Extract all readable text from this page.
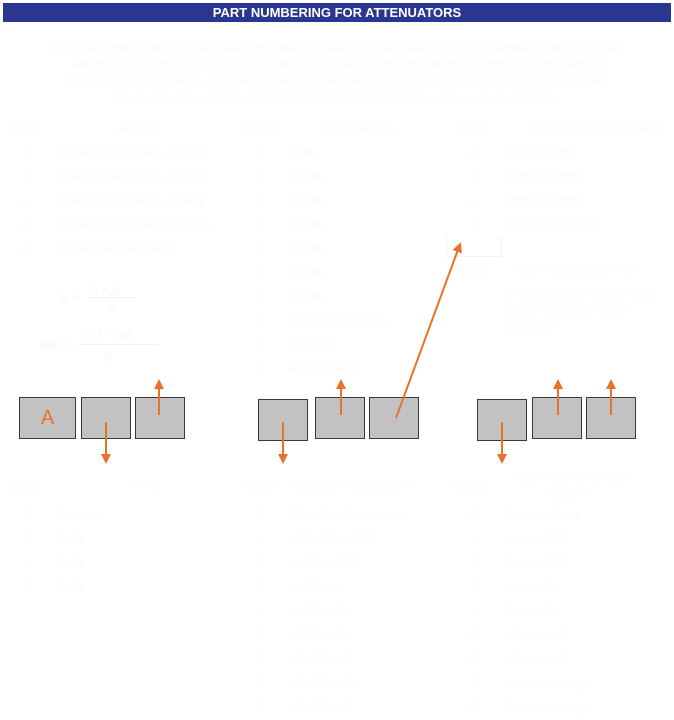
PART NUMBERING FOR ATTENUATORS
Q.E.I. Microwave part numbers are composed by selecting the codes for TYPE followed by MODEL, then
selecting BANDWIDTH, FREQUENCY and RANGE within the desired range, selecting the code for
TEMPERATURE RANGE, and finally selecting the code for SWITCHING SPEED ON/OFF. If required,
the factory may assign a SUFFIX DESIGNATOR to identify unique characteristics.
CODE	MODEL
C Current Controlled - Analog
V Voltage Controlled - Analog
L Linearized Voltage - Analog
D Digitally Controlled - Analog
D Digital Switched Pad
f₀ =
f₁ + f₂
2
BW =
f₂ - f₁ · 100
f₀
CODE	BANDWIDTH
0 < 5%
1 < 10%
2 < 20%
3 < 30%
4 < 40%
5 < 50%
6 > 50%
7 Octave Frequency
8 > Octave
9 Multi-octave
CODE	TEMPERATURE RANGE
N 0°C to +50°C
A -10°C to +55°C
I	-55°C to +85°C
X Optimized Range
CODE	SUFFIX DESIGNATOR
If required, the factory may
assign a unique model
identifier.
A
CODE	TYPE
0 Custom
3 20dB
4 30dB
6 60dB
CODE CENTER FREQUENCY
0 Classified Frequency
1 <500 MHz - VHF
2 <1 GHz - UHF
3 <2 GHz - L
4 <4 GHz - S
5 <8 GHz - C
6 <12 GHz - X
7 <18 GHz - Ku
8 >18 GHz - K
CODE
SWITCHING SPEED
ON/OFF
0 Custom Code
1 1µsec - TTL
2 2µsec - TTL
3 1µsec - 5
4 2µsec - 5
5 100µsec - 5
6 100µsec - 5
7 1µsec - Analog
8 5µsec - Analog
